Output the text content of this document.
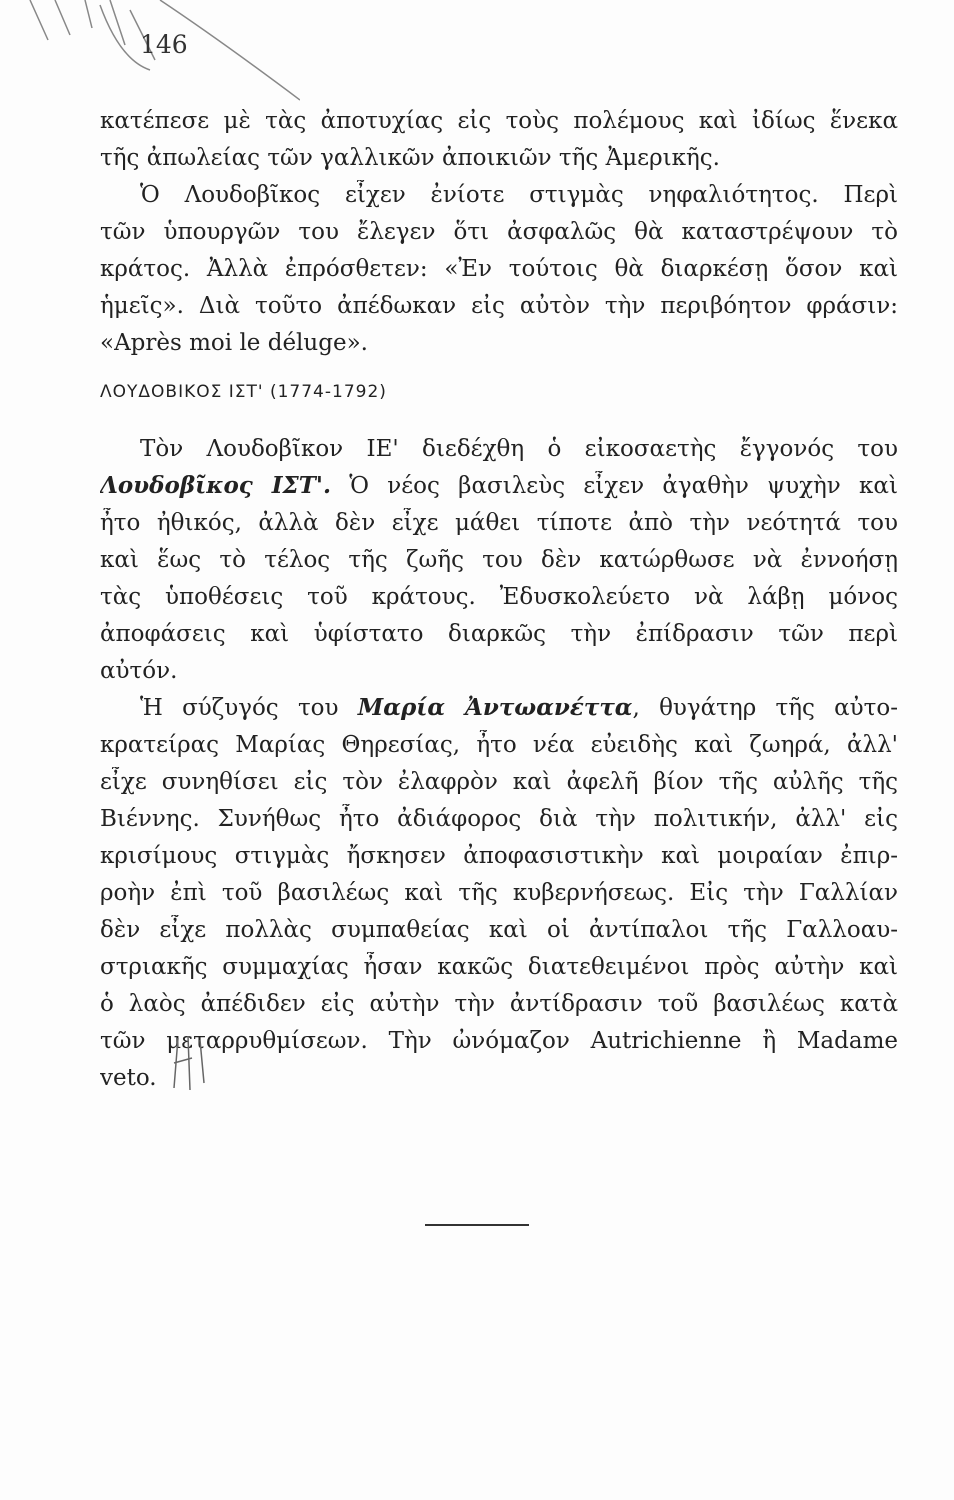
146
κατέπεσε μὲ τὰς ἀποτυχίας εἰς τοὺς πολέμους καὶ ἰδίως ἕνεκα
τῆς ἀπωλείας τῶν γαλλικῶν ἀποικιῶν τῆς Ἀμερικῆς.
Ὁ Λουδοβῖκος εἶχεν ἐνίοτε στιγμὰς νηφαλιότητος. Περὶ
τῶν ὑπουργῶν του ἔλεγεν ὅτι ἀσφαλῶς θὰ καταστρέψουν τὸ
κράτος. Ἀλλὰ ἐπρόσθετεν: «Ἐν τούτοις θὰ διαρκέσῃ ὅσον καὶ
ἡμεῖς». Διὰ τοῦτο ἀπέδωκαν εἰς αὐτὸν τὴν περιβόητον φράσιν:
«Après moi le déluge».
ΛΟΥΔΟΒΙΚΟΣ ΙΣΤ' (1774-1792)
Τὸν Λουδοβῖκον ΙΕ' διεδέχθη ὁ εἰκοσαετὴς ἔγγονός του
Λουδοβῖκος ΙΣΤ'. Ὁ νέος βασιλεὺς εἶχεν ἀγαθὴν ψυχὴν καὶ
ἦτο ἠθικός, ἀλλὰ δὲν εἶχε μάθει τίποτε ἀπὸ τὴν νεότητά του
καὶ ἕως τὸ τέλος τῆς ζωῆς του δὲν κατώρθωσε νὰ ἐννοήσῃ
τὰς ὑποθέσεις τοῦ κράτους. Ἐδυσκολεύετο νὰ λάβῃ μόνος
ἀποφάσεις καὶ ὑφίστατο διαρκῶς τὴν ἐπίδρασιν τῶν περὶ
αὐτόν.
Ἡ σύζυγός του Μαρία Ἀντωανέττα, θυγάτηρ τῆς αὐτο-
κρατείρας Μαρίας Θηρεσίας, ἦτο νέα εὐειδὴς καὶ ζωηρά, ἀλλ'
εἶχε συνηθίσει εἰς τὸν ἐλαφρὸν καὶ ἀφελῆ βίον τῆς αὐλῆς τῆς
Βιέννης. Συνήθως ἦτο ἀδιάφορος διὰ τὴν πολιτικήν, ἀλλ' εἰς
κρισίμους στιγμὰς ἤσκησεν ἀποφασιστικὴν καὶ μοιραίαν ἐπιρ-
ροὴν ἐπὶ τοῦ βασιλέως καὶ τῆς κυβερνήσεως. Εἰς τὴν Γαλλίαν
δὲν εἶχε πολλὰς συμπαθείας καὶ οἱ ἀντίπαλοι τῆς Γαλλοαυ-
στριακῆς συμμαχίας ἦσαν κακῶς διατεθειμένοι πρὸς αὐτὴν καὶ
ὁ λαὸς ἀπέδιδεν εἰς αὐτὴν τὴν ἀντίδρασιν τοῦ βασιλέως κατὰ
τῶν μεταρρυθμίσεων. Τὴν ὠνόμαζον Autrichienne ἢ Madame
veto.
